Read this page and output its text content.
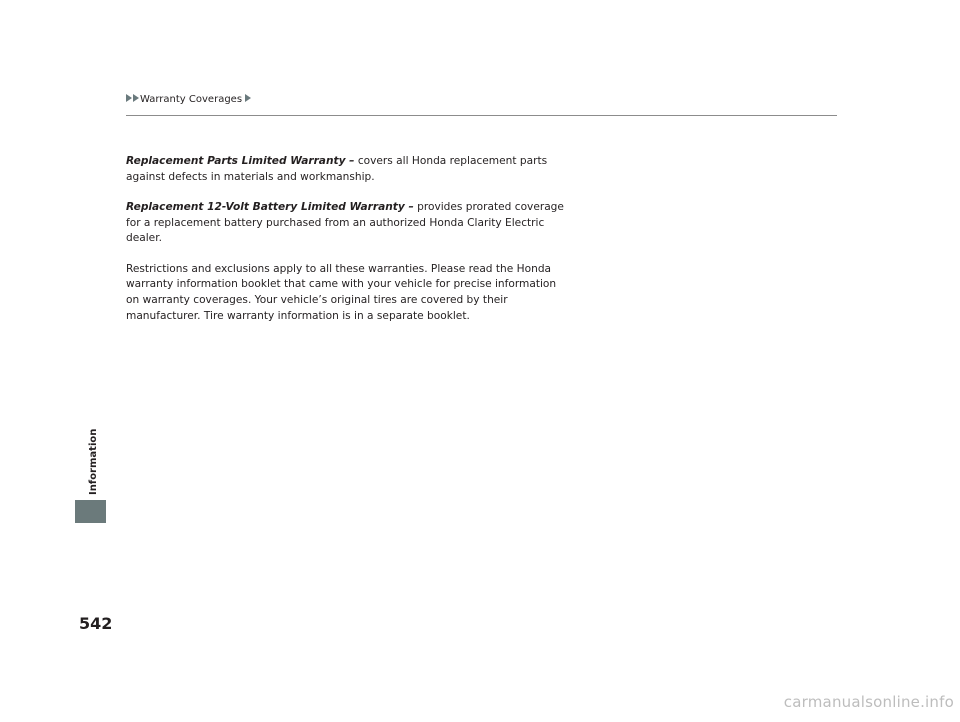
Warranty Coverages

Replacement Parts Limited Warranty – covers all Honda replacement parts against defects in materials and workmanship.

Replacement 12-Volt Battery Limited Warranty – provides prorated coverage for a replacement battery purchased from an authorized Honda Clarity Electric dealer.

Restrictions and exclusions apply to all these warranties. Please read the Honda warranty information booklet that came with your vehicle for precise information on warranty coverages. Your vehicle’s original tires are covered by their manufacturer. Tire warranty information is in a separate booklet.

Information
542
carmanualsonline.info
